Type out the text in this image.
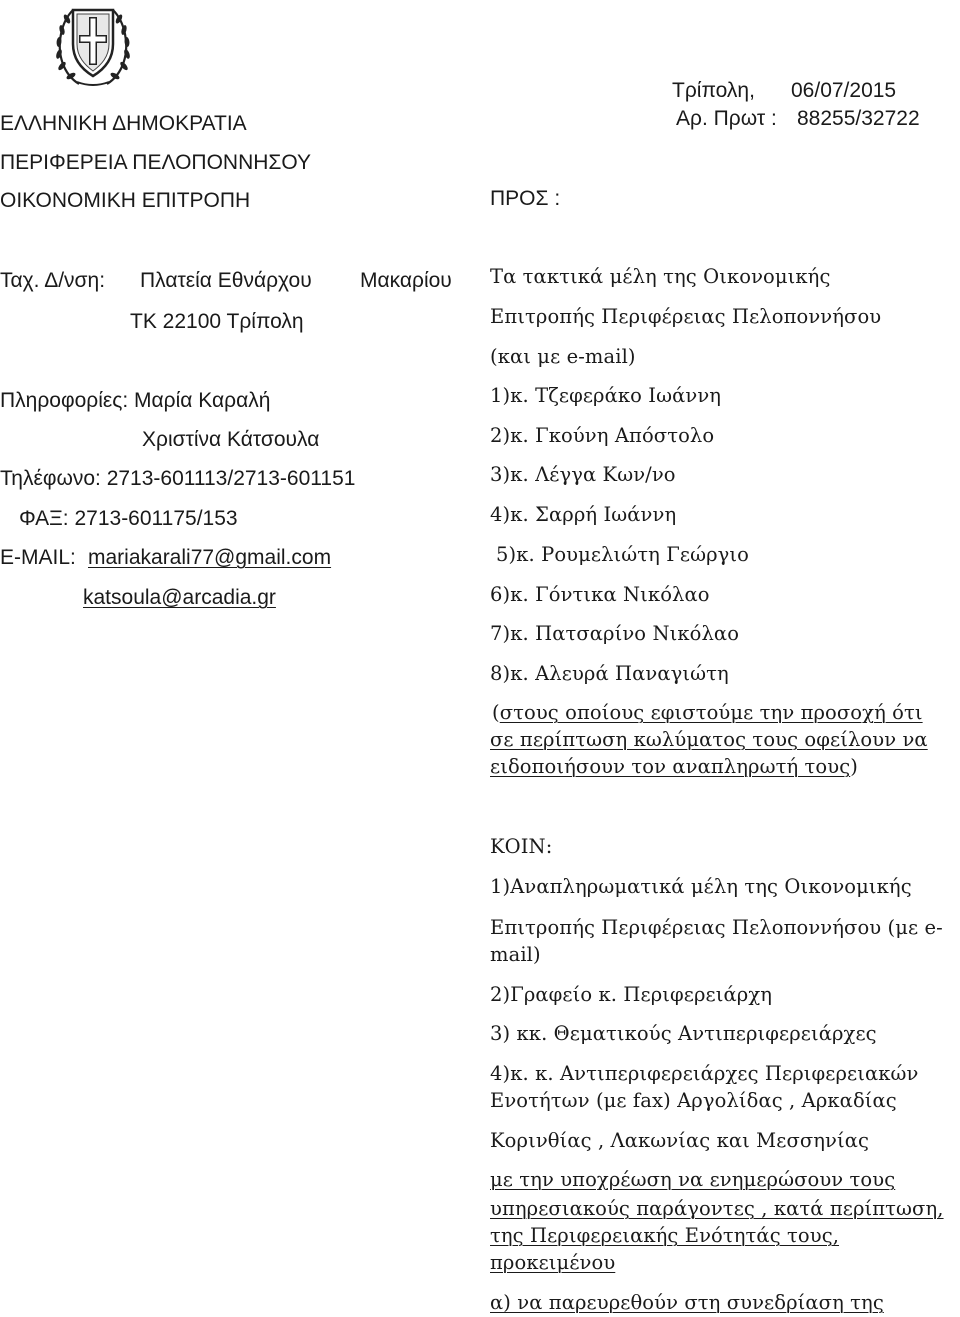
ΕΛΛΗΝΙΚΗ ΔΗΜΟΚΡΑΤΙΑ
ΠΕΡΙΦΕΡΕΙΑ ΠΕΛΟΠΟΝΝΗΣΟΥ
ΟΙΚΟΝΟΜΙΚΗ ΕΠΙΤΡΟΠΗ
Τρίπολη, 06/07/2015
Αρ. Πρωτ : 88255/32722
ΠΡΟΣ :
Ταχ. Δ/νση: Πλατεία Εθνάρχου Μακαρίου
ΤΚ 22100 Τρίπολη
Πληροφορίες: Μαρία Καραλή
Χριστίνα Κάτσουλα
Τηλέφωνο: 2713-601113/2713-601151
ΦΑΞ: 2713-601175/153
E-MAIL: mariakarali77@gmail.com
katsoula@arcadia.gr
Τα τακτικά μέλη της Οικονομικής
Επιτροπής Περιφέρειας Πελοποννήσου
(και με e-mail)
1)κ. Τζεφεράκο Ιωάννη
2)κ. Γκούνη Απόστολο
3)κ. Λέγγα Κων/νο
4)κ. Σαρρή Ιωάννη
5)κ. Ρουμελιώτη Γεώργιο
6)κ. Γόντικα Νικόλαο
7)κ. Πατσαρίνο Νικόλαο
8)κ. Αλευρά Παναγιώτη
(στους οποίους εφιστούμε την προσοχή ότι
σε περίπτωση κωλύματος τους οφείλουν να
ειδοποιήσουν τον αναπληρωτή τους)
ΚΟΙΝ:
1)Αναπληρωματικά μέλη της Οικονομικής
Επιτροπής Περιφέρειας Πελοποννήσου (με e-
mail)
2)Γραφείο κ. Περιφερειάρχη
3) κκ. Θεματικούς Αντιπεριφερειάρχες
4)κ. κ. Αντιπεριφερειάρχες Περιφερειακών
Ενοτήτων (με fax) Αργολίδας , Αρκαδίας
Κορινθίας , Λακωνίας και Μεσσηνίας
με την υποχρέωση να ενημερώσουν τους
υπηρεσιακούς παράγοντες , κατά περίπτωση,
της Περιφερειακής Ενότητάς τους,
προκειμένου
α) να παρευρεθούν στη συνεδρίαση της
